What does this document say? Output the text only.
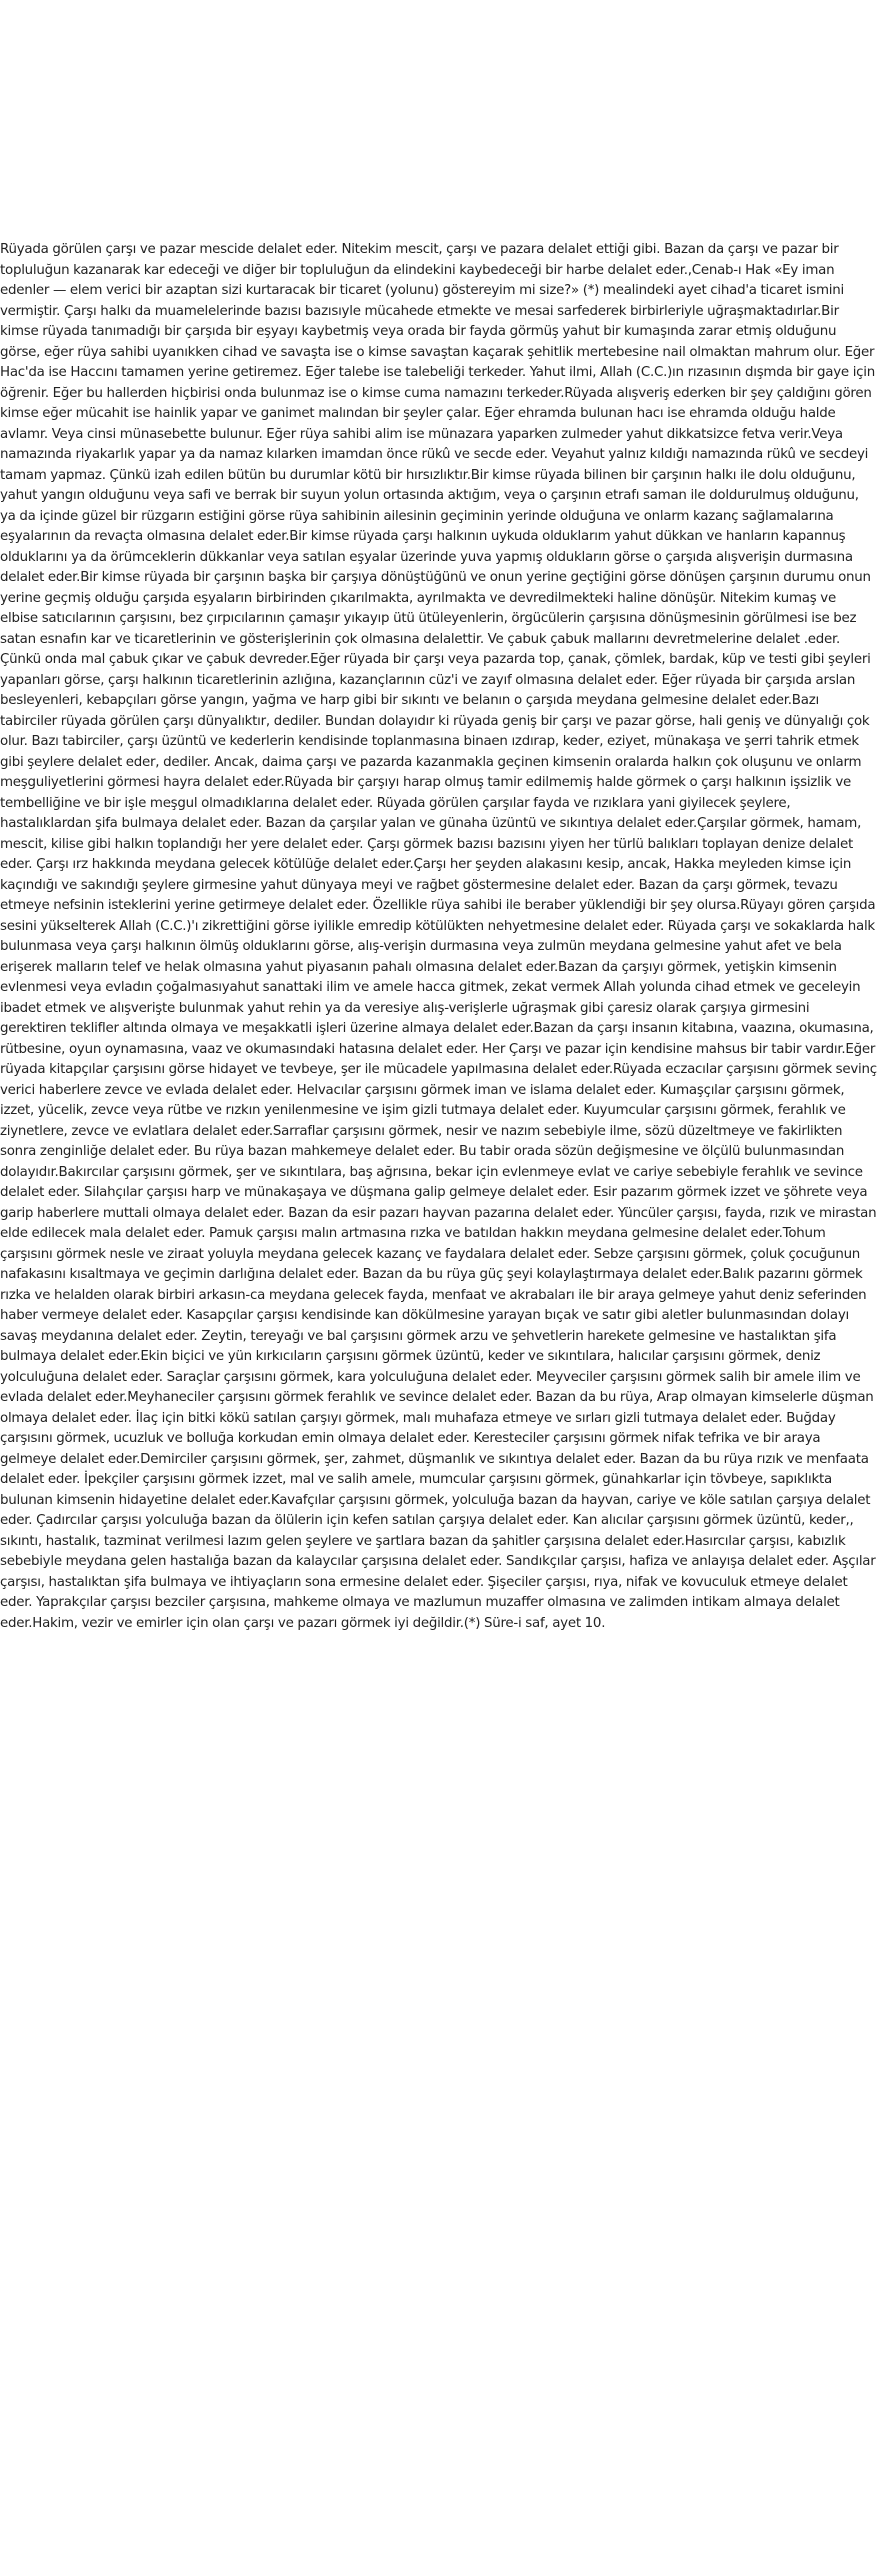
Rüyada görülen çarşı ve pazar mescide delalet eder. Nitekim mescit, çarşı ve pazara delalet ettiği gibi. Bazan da çarşı ve pazar bir topluluğun kazanarak kar edeceği ve diğer bir topluluğun da elindekini kaybedeceği bir harbe delalet eder.,Cenab-ı Hak «Ey iman edenler — elem verici bir azaptan sizi kurtaracak bir ticaret (yolunu) göstereyim mi size?» (*) mealindeki ayet cihad'a ticaret ismini vermiştir. Çarşı halkı da muamelelerinde bazısı bazısıyle mücahede etmekte ve mesai sarfederek birbirleriyle uğraşmaktadırlar.Bir kimse rüyada tanımadığı bir çarşıda bir eşyayı kaybetmiş veya orada bir fayda görmüş yahut bir kumaşında zarar etmiş olduğunu görse, eğer rüya sahibi uyanıkken cihad ve savaşta ise o kimse savaştan kaçarak şehitlik mertebesine nail olmaktan mahrum olur. Eğer Hac'da ise Haccını tamamen yerine getiremez. Eğer talebe ise talebeliği terkeder. Yahut ilmi, Allah (C.C.)ın rızasının dışmda bir gaye için öğrenir. Eğer bu hallerden hiçbirisi onda bulunmaz ise o kimse cuma namazını terkeder.Rüyada alışveriş ederken bir şey çaldığını gören kimse eğer mücahit ise hainlik yapar ve ganimet malından bir şeyler çalar. Eğer ehramda bulunan hacı ise ehramda olduğu halde avlamr. Veya cinsi münasebette bulunur. Eğer rüya sahibi alim ise münazara yaparken zulmeder yahut dikkatsizce fetva verir.Veya namazında riyakarlık yapar ya da namaz kılarken imamdan önce rükû ve secde eder. Veyahut yalnız kıldığı namazında rükû ve secdeyi tamam yapmaz. Çünkü izah edilen bütün bu durumlar kötü bir hırsızlıktır.Bir kimse rüyada bilinen bir çarşının halkı ile dolu olduğunu, yahut yangın olduğunu veya safi ve berrak bir suyun yolun ortasında aktığım, veya o çarşının etrafı saman ile doldurulmuş olduğunu, ya da içinde güzel bir rüzgarın estiğini görse rüya sahibinin ailesinin geçiminin yerinde olduğuna ve onlarm kazanç sağlamalarına eşyalarının da revaçta olmasına delalet eder.Bir kimse rüyada çarşı halkının uykuda olduklarım yahut dükkan ve hanların kapannuş olduklarını ya da örümceklerin dükkanlar veya satılan eşyalar üzerinde yuva yapmış oldukların görse o çarşıda alışverişin durmasına delalet eder.Bir kimse rüyada bir çarşının başka bir çarşıya dönüştüğünü ve onun yerine geçtiğini görse dönüşen çarşının durumu onun yerine geçmiş olduğu çarşıda eşyaların birbirinden çıkarılmakta, ayrılmakta ve devredilmekteki haline dönüşür. Nitekim kumaş ve elbise satıcılarının çarşısını, bez çırpıcılarının çamaşır yıkayıp ütü ütüleyenlerin, örgücülerin çarşısına dönüşmesinin görülmesi ise bez satan esnafın kar ve ticaretlerinin ve gösterişlerinin çok olmasına delalettir. Ve çabuk çabuk mallarını devretmelerine delalet .eder. Çünkü onda mal çabuk çıkar ve çabuk devreder.Eğer rüyada bir çarşı veya pazarda top, çanak, çömlek, bardak, küp ve testi gibi şeyleri yapanları görse, çarşı halkının ticaretlerinin azlığına, kazançlarının cüz'i ve zayıf olmasına delalet eder. Eğer rüyada bir çarşıda arslan besleyenleri, kebapçıları görse yangın, yağma ve harp gibi bir sıkıntı ve belanın o çarşıda meydana gelmesine delalet eder.Bazı tabirciler rüyada görülen çarşı dünyalıktır, dediler. Bundan dolayıdır ki rüyada geniş bir çarşı ve pazar görse, hali geniş ve dünyalığı çok olur. Bazı tabirciler, çarşı üzüntü ve kederlerin kendisinde toplanmasına binaen ızdırap, keder, eziyet, münakaşa ve şerri tahrik etmek gibi şeylere delalet eder, dediler. Ancak, daima çarşı ve pazarda kazanmakla geçinen kimsenin oralarda halkın çok oluşunu ve onlarm meşguliyetlerini görmesi hayra delalet eder.Rüyada bir çarşıyı harap olmuş tamir edilmemiş halde görmek o çarşı halkının işsizlik ve tembelliğine ve bir işle meşgul olmadıklarına delalet eder. Rüyada görülen çarşılar fayda ve rızıklara yani giyilecek şeylere, hastalıklardan şifa bulmaya delalet eder. Bazan da çarşılar yalan ve günaha üzüntü ve sıkıntıya delalet eder.Çarşılar görmek, hamam, mescit, kilise gibi halkın toplandığı her yere delalet eder. Çarşı görmek bazısı bazısını yiyen her türlü balıkları toplayan denize delalet eder. Çarşı ırz hakkında meydana gelecek kötülüğe delalet eder.Çarşı her şeyden alakasını kesip, ancak, Hakka meyleden kimse için kaçındığı ve sakındığı şeylere girmesine yahut dünyaya meyi ve rağbet göstermesine delalet eder. Bazan da çarşı görmek, tevazu etmeye nefsinin isteklerini yerine getirmeye delalet eder. Özellikle rüya sahibi ile beraber yüklendiği bir şey olursa.Rüyayı gören çarşıda sesini yükselterek Allah (C.C.)'ı zikrettiğini görse iyilikle emredip kötülükten nehyetmesine delalet eder. Rüyada çarşı ve sokaklarda halk bulunmasa veya çarşı halkının ölmüş olduklarını görse, alış-verişin durmasına veya zulmün meydana gelmesine yahut afet ve bela erişerek malların telef ve helak olmasına yahut piyasanın pahalı olmasına delalet eder.Bazan da çarşıyı görmek, yetişkin kimsenin evlenmesi veya evladın çoğalmasıyahut sanattaki ilim ve amele hacca gitmek, zekat vermek Allah yolunda cihad etmek ve geceleyin ibadet etmek ve alışverişte bulunmak yahut rehin ya da veresiye alış-verişlerle uğraşmak gibi çaresiz olarak çarşıya girmesini gerektiren teklifler altında olmaya ve meşakkatli işleri üzerine almaya delalet eder.Bazan da çarşı insanın kitabına, vaazına, okumasına, rütbesine, oyun oynamasına, vaaz ve okumasındaki hatasına delalet eder. Her Çarşı ve pazar için kendisine mahsus bir tabir vardır.Eğer rüyada kitapçılar çarşısını görse hidayet ve tevbeye, şer ile mücadele yapılmasına delalet eder.Rüyada eczacılar çarşısını görmek sevinç verici haberlere zevce ve evlada delalet eder. Helvacılar çarşısını görmek iman ve islama delalet eder. Kumaşçılar çarşısını görmek, izzet, yücelik, zevce veya rütbe ve rızkın yenilenmesine ve işim gizli tutmaya delalet eder. Kuyumcular çarşısını görmek, ferahlık ve ziynetlere, zevce ve evlatlara delalet eder.Sarraflar çarşısını görmek, nesir ve nazım sebebiyle ilme, sözü düzeltmeye ve fakirlikten sonra zenginliğe delalet eder. Bu rüya bazan mahkemeye delalet eder. Bu tabir orada sözün değişmesine ve ölçülü bulunmasından dolayıdır.Bakırcılar çarşısını görmek, şer ve sıkıntılara, baş ağrısına, bekar için evlenmeye evlat ve cariye sebebiyle ferahlık ve sevince delalet eder. Silahçılar çarşısı harp ve münakaşaya ve düşmana galip gelmeye delalet eder. Esir pazarım görmek izzet ve şöhrete veya garip haberlere muttali olmaya delalet eder. Bazan da esir pazarı hayvan pazarına delalet eder. Yüncüler çarşısı, fayda, rızık ve mirastan elde edilecek mala delalet eder. Pamuk çarşısı malın artmasına rızka ve batıldan hakkın meydana gelmesine delalet eder.Tohum çarşısını görmek nesle ve ziraat yoluyla meydana gelecek kazanç ve faydalara delalet eder. Sebze çarşısını görmek, çoluk çocuğunun nafakasını kısaltmaya ve geçimin darlığına delalet eder. Bazan da bu rüya güç şeyi kolaylaştırmaya delalet eder.Balık pazarını görmek rızka ve helalden olarak birbiri arkasın-ca meydana gelecek fayda, menfaat ve akrabaları ile bir araya gelmeye yahut deniz seferinden haber vermeye delalet eder. Kasapçılar çarşısı kendisinde kan dökülmesine yarayan bıçak ve satır gibi aletler bulunmasından dolayı savaş meydanına delalet eder. Zeytin, tereyağı ve bal çarşısını görmek arzu ve şehvetlerin harekete gelmesine ve hastalıktan şifa bulmaya delalet eder.Ekin biçici ve yün kırkıcıların çarşısını görmek üzüntü, keder ve sıkıntılara, halıcılar çarşısını görmek, deniz yolculuğuna delalet eder. Saraçlar çarşısını görmek, kara yolculuğuna delalet eder. Meyveciler çarşısını görmek salih bir amele ilim ve evlada delalet eder.Meyhaneciler çarşısını görmek ferahlık ve sevince delalet eder. Bazan da bu rüya, Arap olmayan kimselerle düşman olmaya delalet eder. İlaç için bitki kökü satılan çarşıyı görmek, malı muhafaza etmeye ve sırları gizli tutmaya delalet eder. Buğday çarşısını görmek, ucuzluk ve bolluğa korkudan emin olmaya delalet eder. Keresteciler çarşısını görmek nifak tefrika ve bir araya gelmeye delalet eder.Demirciler çarşısını görmek, şer, zahmet, düşmanlık ve sıkıntıya delalet eder. Bazan da bu rüya rızık ve menfaata delalet eder. İpekçiler çarşısını görmek izzet, mal ve salih amele, mumcular çarşısını görmek, günahkarlar için tövbeye, sapıklıkta bulunan kimsenin hidayetine delalet eder.Kavafçılar çarşısını görmek, yolculuğa bazan da hayvan, cariye ve köle satılan çarşıya delalet eder. Çadırcılar çarşısı yolculuğa bazan da ölülerin için kefen satılan çarşıya delalet eder. Kan alıcılar çarşısını görmek üzüntü, keder,, sıkıntı, hastalık, tazminat verilmesi lazım gelen şeylere ve şartlara bazan da şahitler çarşısına delalet eder.Hasırcılar çarşısı, kabızlık sebebiyle meydana gelen hastalığa bazan da kalaycılar çarşısına delalet eder. Sandıkçılar çarşısı, hafiza ve anlayışa delalet eder. Aşçılar çarşısı, hastalıktan şifa bulmaya ve ihtiyaçların sona ermesine delalet eder. Şişeciler çarşısı, rıya, nifak ve kovuculuk etmeye delalet eder. Yaprakçılar çarşısı bezciler çarşısına, mahkeme olmaya ve mazlumun muzaffer olmasına ve zalimden intikam almaya delalet eder.Hakim, vezir ve emirler için olan çarşı ve pazarı görmek iyi değildir.(*) Süre-i saf, ayet 10.
